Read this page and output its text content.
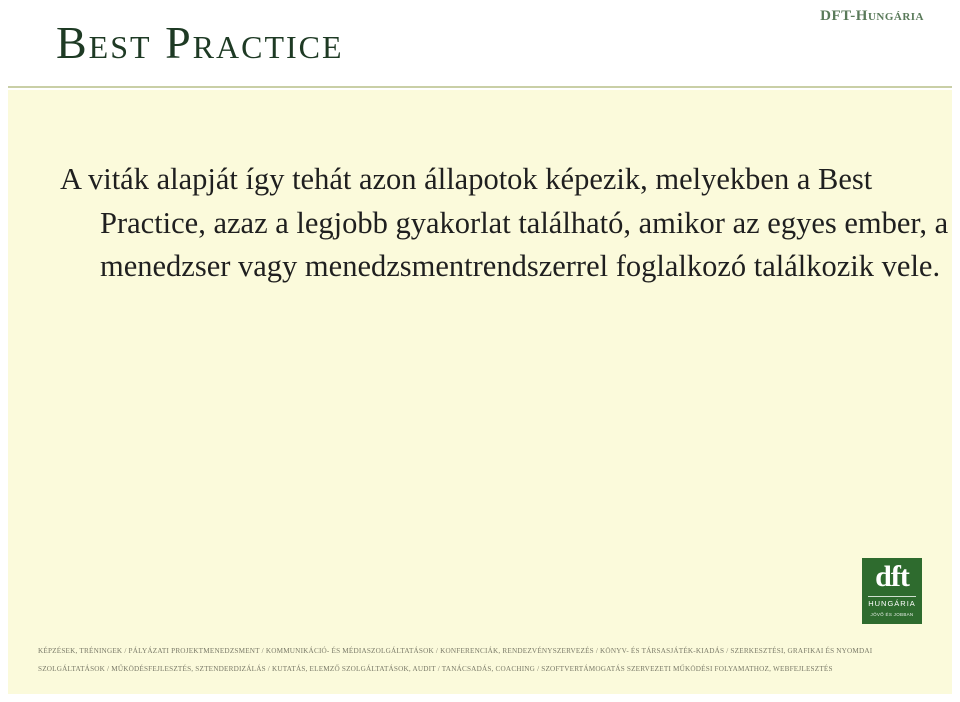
Best Practice
DFT-Hungária

A viták alapját így tehát azon állapotok képezik, melyekben a Best Practice, azaz a legjobb gyakorlat található, amikor az egyes ember, a menedzser vagy menedzsmentrendszerrel foglalkozó találkozik vele.

dft
HUNGÁRIA
JÖVŐ ÉS JOBBAN
KÉPZÉSEK, TRÉNINGEK / PÁLYÁZATI PROJEKTMENEDZSMENT / KOMMUNIKÁCIÓ- ÉS MÉDIASZOLGÁLTATÁSOK / KONFERENCIÁK, RENDEZVÉNYSZERVEZÉS / KÖNYV- ÉS TÁRSASJÁTÉK-KIADÁS / SZERKESZTÉSI, GRAFIKAI ÉS NYOMDAI
SZOLGÁLTATÁSOK / MŰKÖDÉSFEJLESZTÉS, SZTENDERDIZÁLÁS / KUTATÁS, ELEMZŐ SZOLGÁLTATÁSOK, AUDIT / TANÁCSADÁS, COACHING / SZOFTVERTÁMOGATÁS SZERVEZETI MŰKÖDÉSI FOLYAMATHOZ, WEBFEJLESZTÉS
